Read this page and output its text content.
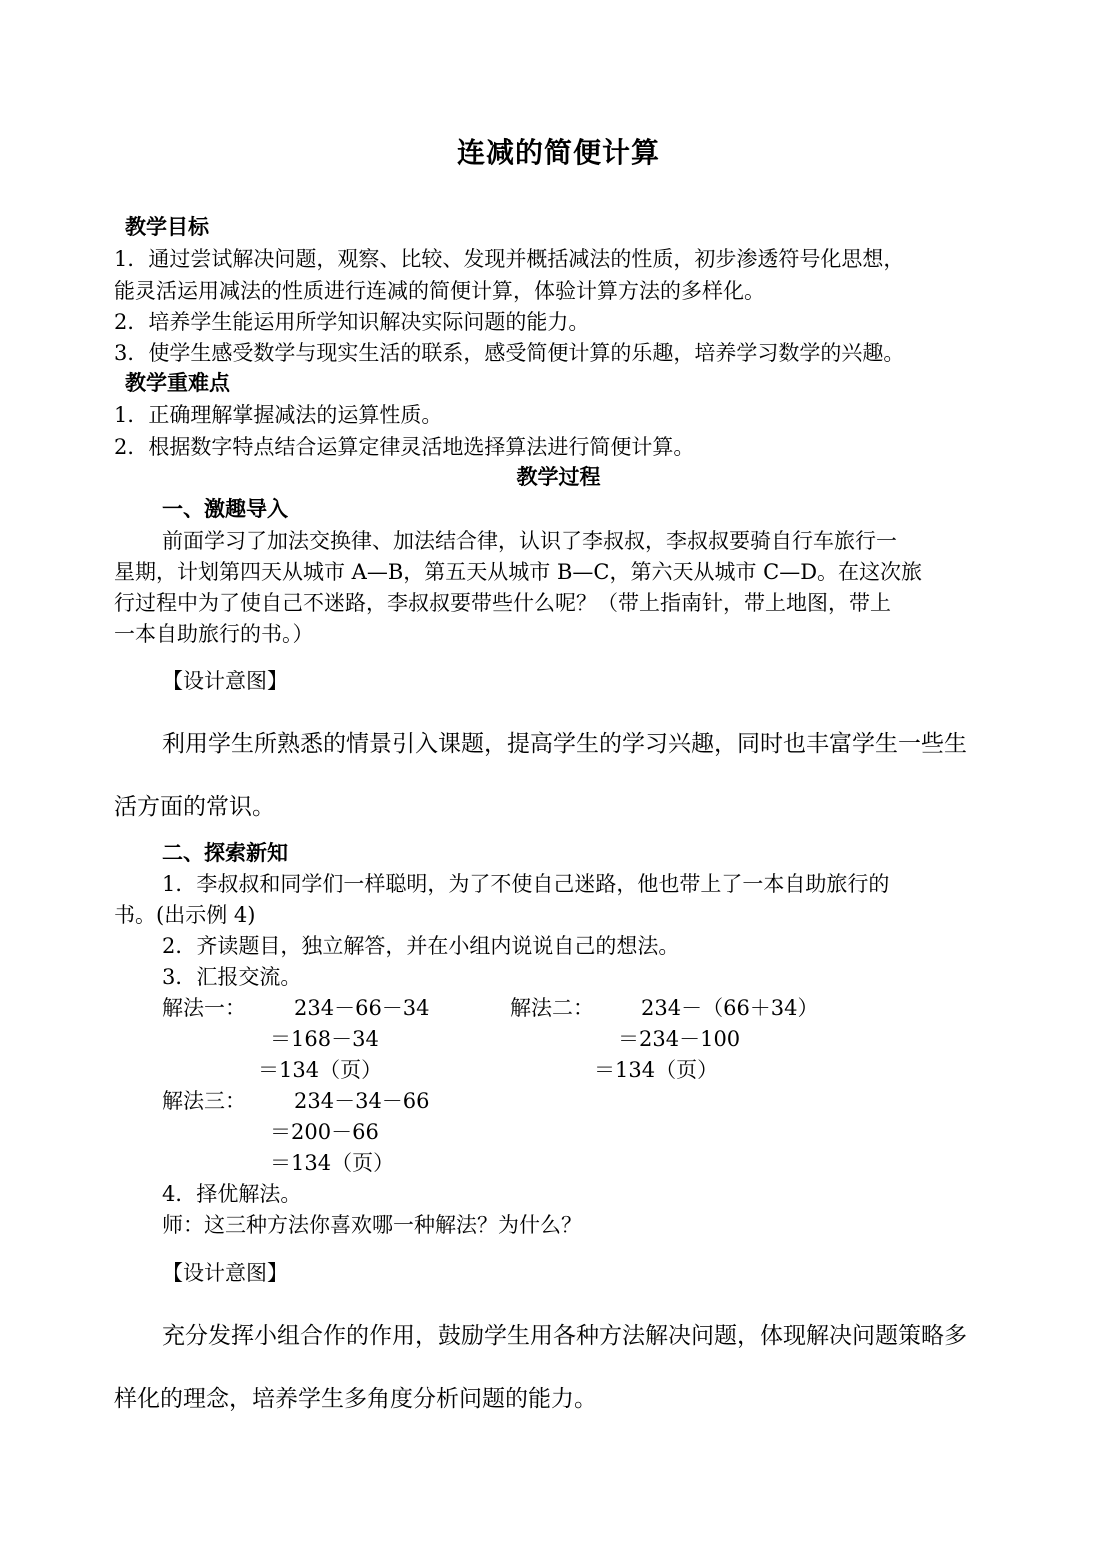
连减的简便计算
教学目标
1．通过尝试解决问题，观察、比较、发现并概括减法的性质，初步渗透符号化思想，
能灵活运用减法的性质进行连减的简便计算，体验计算方法的多样化。
2．培养学生能运用所学知识解决实际问题的能力。
3．使学生感受数学与现实生活的联系，感受简便计算的乐趣，培养学习数学的兴趣。
教学重难点
1．正确理解掌握减法的运算性质。
2．根据数字特点结合运算定律灵活地选择算法进行简便计算。
教学过程
一、激趣导入
前面学习了加法交换律、加法结合律，认识了李叔叔，李叔叔要骑自行车旅行一
星期，计划第四天从城市 A—B，第五天从城市 B—C，第六天从城市 C—D。在这次旅
行过程中为了使自己不迷路，李叔叔要带些什么呢？（带上指南针，带上地图，带上
一本自助旅行的书。）
【设计意图】
利用学生所熟悉的情景引入课题，提高学生的学习兴趣，同时也丰富学生一些生
活方面的常识。
二、探索新知
1．李叔叔和同学们一样聪明，为了不使自己迷路，他也带上了一本自助旅行的
书。(出示例 4)
2．齐读题目，独立解答，并在小组内说说自己的想法。
3．汇报交流。
解法一： 234－66－34
＝168－34
＝134（页）
解法二： 234－（66＋34）
＝234－100
＝134（页）
解法三： 234－34－66
＝200－66
＝134（页）
4．择优解法。
师：这三种方法你喜欢哪一种解法？为什么？
【设计意图】
充分发挥小组合作的作用，鼓励学生用各种方法解决问题，体现解决问题策略多
样化的理念，培养学生多角度分析问题的能力。
